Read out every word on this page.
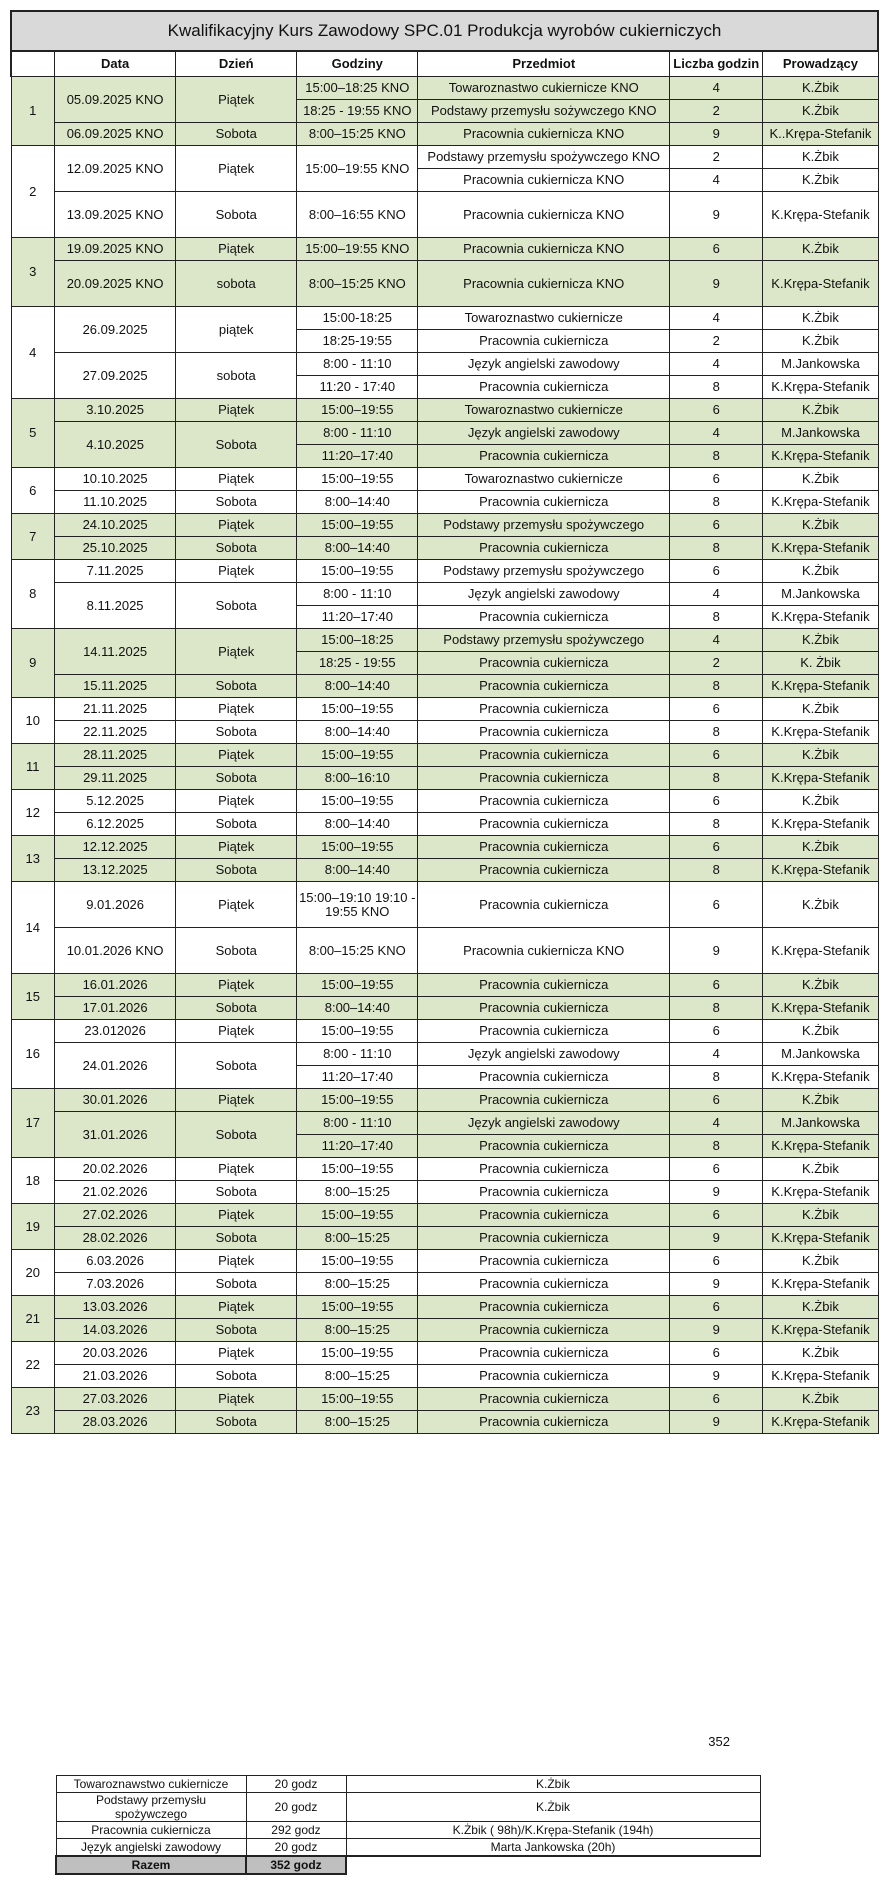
Kwalifikacyjny Kurs Zawodowy SPC.01 Produkcja wyrobów cukierniczych						
	Data	Dzień	Godziny	Przedmiot	Liczba godzin	Prowadzący
1	05.09.2025 KNO	Piątek	15:00–18:25 KNO	Towaroznastwo cukiernicze KNO	4	K.Żbik
			18:25 - 19:55 KNO	Podstawy przemysłu sożywczego KNO	2	K.Żbik
	06.09.2025 KNO	Sobota	8:00–15:25 KNO	Pracownia cukiernicza KNO	9	K..Krępa-Stefanik
2	12.09.2025 KNO	Piątek	15:00–19:55 KNO	Podstawy przemysłu spożywczego KNO	2	K.Żbik
				Pracownia cukiernicza KNO	4	K.Żbik
	13.09.2025 KNO	Sobota	8:00–16:55 KNO	Pracownia cukiernicza KNO	9	K.Krępa-Stefanik
3	19.09.2025 KNO	Piątek	15:00–19:55 KNO	Pracownia cukiernicza KNO	6	K.Żbik
	20.09.2025 KNO	sobota	8:00–15:25 KNO	Pracownia cukiernicza KNO	9	K.Krępa-Stefanik
4	26.09.2025	piątek	15:00-18:25	Towaroznastwo cukiernicze	4	K.Żbik
			18:25-19:55	Pracownia cukiernicza	2	K.Żbik
	27.09.2025	sobota	8:00 - 11:10	Język angielski zawodowy	4	M.Jankowska
			11:20 - 17:40	Pracownia cukiernicza	8	K.Krępa-Stefanik
5	3.10.2025	Piątek	15:00–19:55	Towaroznastwo cukiernicze	6	K.Żbik
	4.10.2025	Sobota	8:00 - 11:10	Język angielski zawodowy	4	M.Jankowska
			11:20–17:40	Pracownia cukiernicza	8	K.Krępa-Stefanik
6	10.10.2025	Piątek	15:00–19:55	Towaroznastwo cukiernicze	6	K.Żbik
	11.10.2025	Sobota	8:00–14:40	Pracownia cukiernicza	8	K.Krępa-Stefanik
7	24.10.2025	Piątek	15:00–19:55	Podstawy przemysłu spożywczego	6	K.Żbik
	25.10.2025	Sobota	8:00–14:40	Pracownia cukiernicza	8	K.Krępa-Stefanik
8	7.11.2025	Piątek	15:00–19:55	Podstawy przemysłu spożywczego	6	K.Żbik
	8.11.2025	Sobota	8:00 - 11:10	Język angielski zawodowy	4	M.Jankowska
			11:20–17:40	Pracownia cukiernicza	8	K.Krępa-Stefanik
9	14.11.2025	Piątek	15:00–18:25	Podstawy przemysłu spożywczego	4	K.Żbik
			18:25 - 19:55	Pracownia cukiernicza	2	K. Żbik
	15.11.2025	Sobota	8:00–14:40	Pracownia cukiernicza	8	K.Krępa-Stefanik
10	21.11.2025	Piątek	15:00–19:55	Pracownia cukiernicza	6	K.Żbik
	22.11.2025	Sobota	8:00–14:40	Pracownia cukiernicza	8	K.Krępa-Stefanik
11	28.11.2025	Piątek	15:00–19:55	Pracownia cukiernicza	6	K.Żbik
	29.11.2025	Sobota	8:00–16:10	Pracownia cukiernicza	8	K.Krępa-Stefanik
12	5.12.2025	Piątek	15:00–19:55	Pracownia cukiernicza	6	K.Żbik
	6.12.2025	Sobota	8:00–14:40	Pracownia cukiernicza	8	K.Krępa-Stefanik
13	12.12.2025	Piątek	15:00–19:55	Pracownia cukiernicza	6	K.Żbik
	13.12.2025	Sobota	8:00–14:40	Pracownia cukiernicza	8	K.Krępa-Stefanik
14	9.01.2026	Piątek	15:00–19:10 19:10 - 19:55 KNO	Pracownia cukiernicza	6	K.Żbik
	10.01.2026 KNO	Sobota	8:00–15:25 KNO	Pracownia cukiernicza KNO	9	K.Krępa-Stefanik
15	16.01.2026	Piątek	15:00–19:55	Pracownia cukiernicza	6	K.Żbik
	17.01.2026	Sobota	8:00–14:40	Pracownia cukiernicza	8	K.Krępa-Stefanik
16	23.012026	Piątek	15:00–19:55	Pracownia cukiernicza	6	K.Żbik
	24.01.2026	Sobota	8:00 - 11:10	Język angielski zawodowy	4	M.Jankowska
			11:20–17:40	Pracownia cukiernicza	8	K.Krępa-Stefanik
17	30.01.2026	Piątek	15:00–19:55	Pracownia cukiernicza	6	K.Żbik
	31.01.2026	Sobota	8:00 - 11:10	Język angielski zawodowy	4	M.Jankowska
			11:20–17:40	Pracownia cukiernicza	8	K.Krępa-Stefanik
18	20.02.2026	Piątek	15:00–19:55	Pracownia cukiernicza	6	K.Żbik
	21.02.2026	Sobota	8:00–15:25	Pracownia cukiernicza	9	K.Krępa-Stefanik
19	27.02.2026	Piątek	15:00–19:55	Pracownia cukiernicza	6	K.Żbik
	28.02.2026	Sobota	8:00–15:25	Pracownia cukiernicza	9	K.Krępa-Stefanik
20	6.03.2026	Piątek	15:00–19:55	Pracownia cukiernicza	6	K.Żbik
	7.03.2026	Sobota	8:00–15:25	Pracownia cukiernicza	9	K.Krępa-Stefanik
21	13.03.2026	Piątek	15:00–19:55	Pracownia cukiernicza	6	K.Żbik
	14.03.2026	Sobota	8:00–15:25	Pracownia cukiernicza	9	K.Krępa-Stefanik
22	20.03.2026	Piątek	15:00–19:55	Pracownia cukiernicza	6	K.Żbik
	21.03.2026	Sobota	8:00–15:25	Pracownia cukiernicza	9	K.Krępa-Stefanik
23	27.03.2026	Piątek	15:00–19:55	Pracownia cukiernicza	6	K.Żbik
	28.03.2026	Sobota	8:00–15:25	Pracownia cukiernicza	9	K.Krępa-Stefanik
352
Towaroznawstwo cukiernicze	20 godz	K.Żbik
Podstawy przemysłu spożywczego	20 godz	K.Żbik
Pracownia cukiernicza	292 godz	K.Żbik ( 98h)/K.Krępa-Stefanik (194h)
Język angielski zawodowy	20 godz	Marta Jankowska (20h)
Razem	352 godz	
